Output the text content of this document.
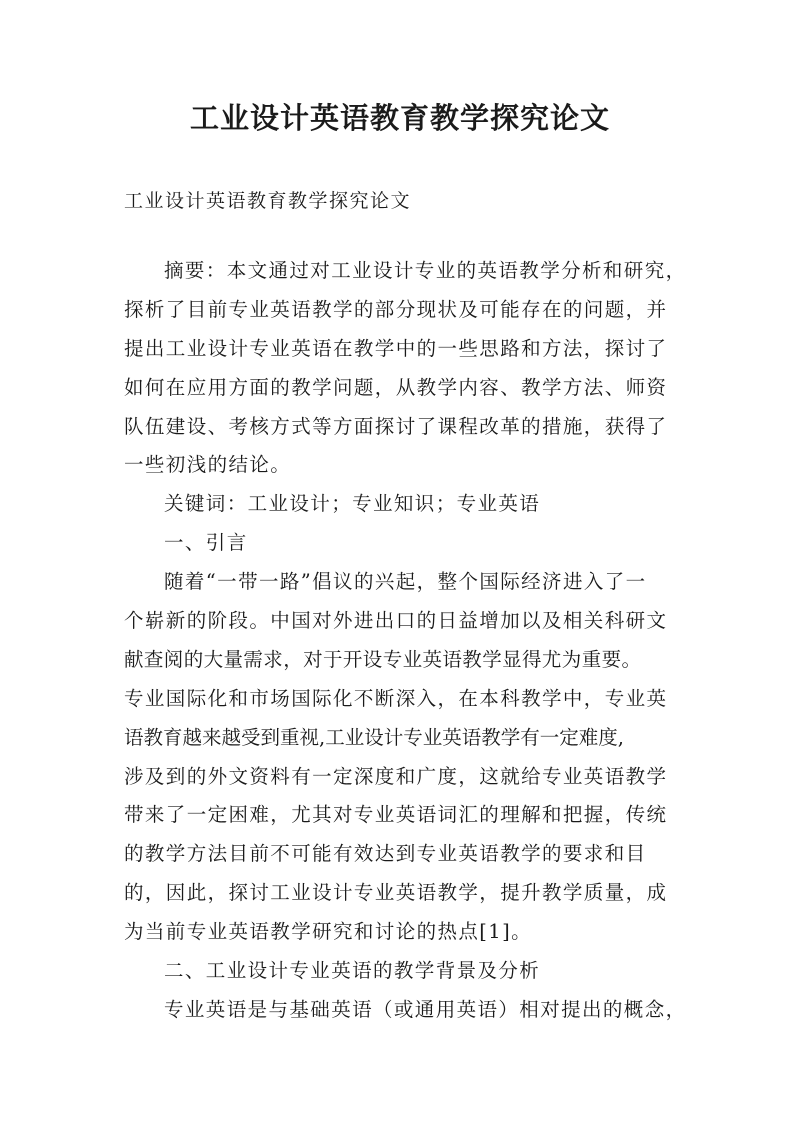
工业设计英语教育教学探究论文
工业设计英语教育教学探究论文
摘要：本文通过对工业设计专业的英语教学分析和研究，
探析了目前专业英语教学的部分现状及可能存在的问题，并
提出工业设计专业英语在教学中的一些思路和方法，探讨了
如何在应用方面的教学问题，从教学内容、教学方法、师资
队伍建设、考核方式等方面探讨了课程改革的措施，获得了
一些初浅的结论。
关键词：工业设计；专业知识；专业英语
一、引言
随着“一带一路”倡议的兴起，整个国际经济进入了一
个崭新的阶段。中国对外进出口的日益增加以及相关科研文
献查阅的大量需求，对于开设专业英语教学显得尤为重要。
专业国际化和市场国际化不断深入，在本科教学中，专业英
语教育越来越受到重视,工业设计专业英语教学有一定难度,
涉及到的外文资料有一定深度和广度，这就给专业英语教学
带来了一定困难，尤其对专业英语词汇的理解和把握，传统
的教学方法目前不可能有效达到专业英语教学的要求和目
的，因此，探讨工业设计专业英语教学，提升教学质量，成
为当前专业英语教学研究和讨论的热点[1]。
二、工业设计专业英语的教学背景及分析
专业英语是与基础英语（或通用英语）相对提出的概念，
